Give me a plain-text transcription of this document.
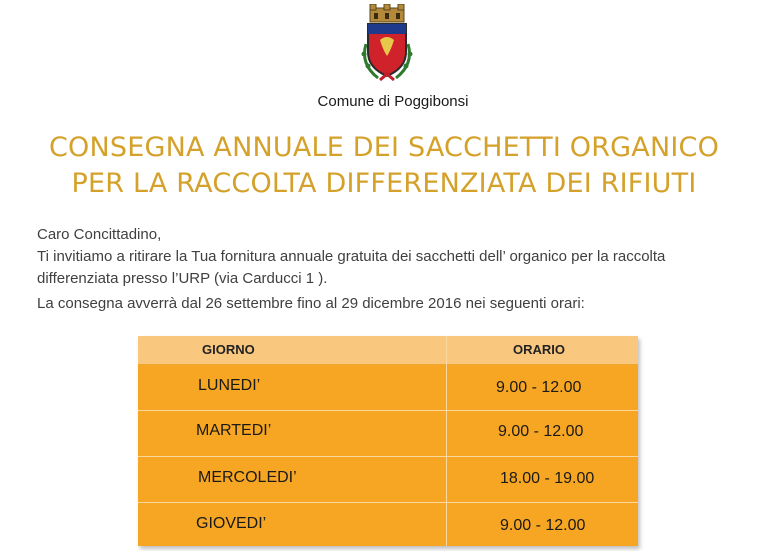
Comune di Poggibonsi
CONSEGNA ANNUALE DEI SACCHETTI ORGANICO
PER LA RACCOLTA DIFFERENZIATA DEI RIFIUTI
Caro Concittadino,
Ti invitiamo a ritirare la Tua fornitura annuale gratuita dei sacchetti dell’ organico per la raccolta
differenziata presso l’URP (via Carducci 1 ).
La consegna avverrà dal 26 settembre fino al 29 dicembre 2016 nei seguenti orari:
GIORNO	ORARIO
LUNEDI’	9.00 - 12.00
MARTEDI’	9.00 - 12.00
MERCOLEDI’	18.00 - 19.00
GIOVEDI’	9.00 - 12.00
